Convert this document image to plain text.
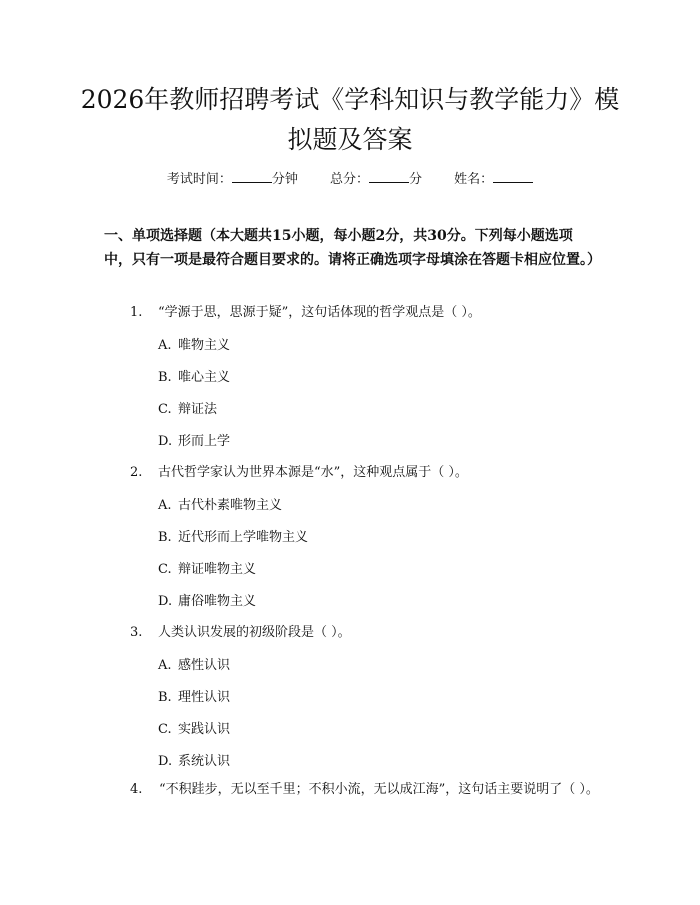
2026年教师招聘考试《学科知识与教学能力》模拟题及答案
考试时间：	分钟 总分：	分 姓名：
一、单项选择题（本大题共15小题，每小题2分，共30分。下列每小题选项中，只有一项是最符合题目要求的。请将正确选项字母填涂在答题卡相应位置。）
1. “学源于思，思源于疑”，这句话体现的哲学观点是（ ）。
A. 唯物主义
B. 唯心主义
C. 辩证法
D. 形而上学
2. 古代哲学家认为世界本源是“水”，这种观点属于（ ）。
A. 古代朴素唯物主义
B. 近代形而上学唯物主义
C. 辩证唯物主义
D. 庸俗唯物主义
3. 人类认识发展的初级阶段是（ ）。
A. 感性认识
B. 理性认识
C. 实践认识
D. 系统认识
4. “不积跬步，无以至千里；不积小流，无以成江海”，这句话主要说明了（ ）。
